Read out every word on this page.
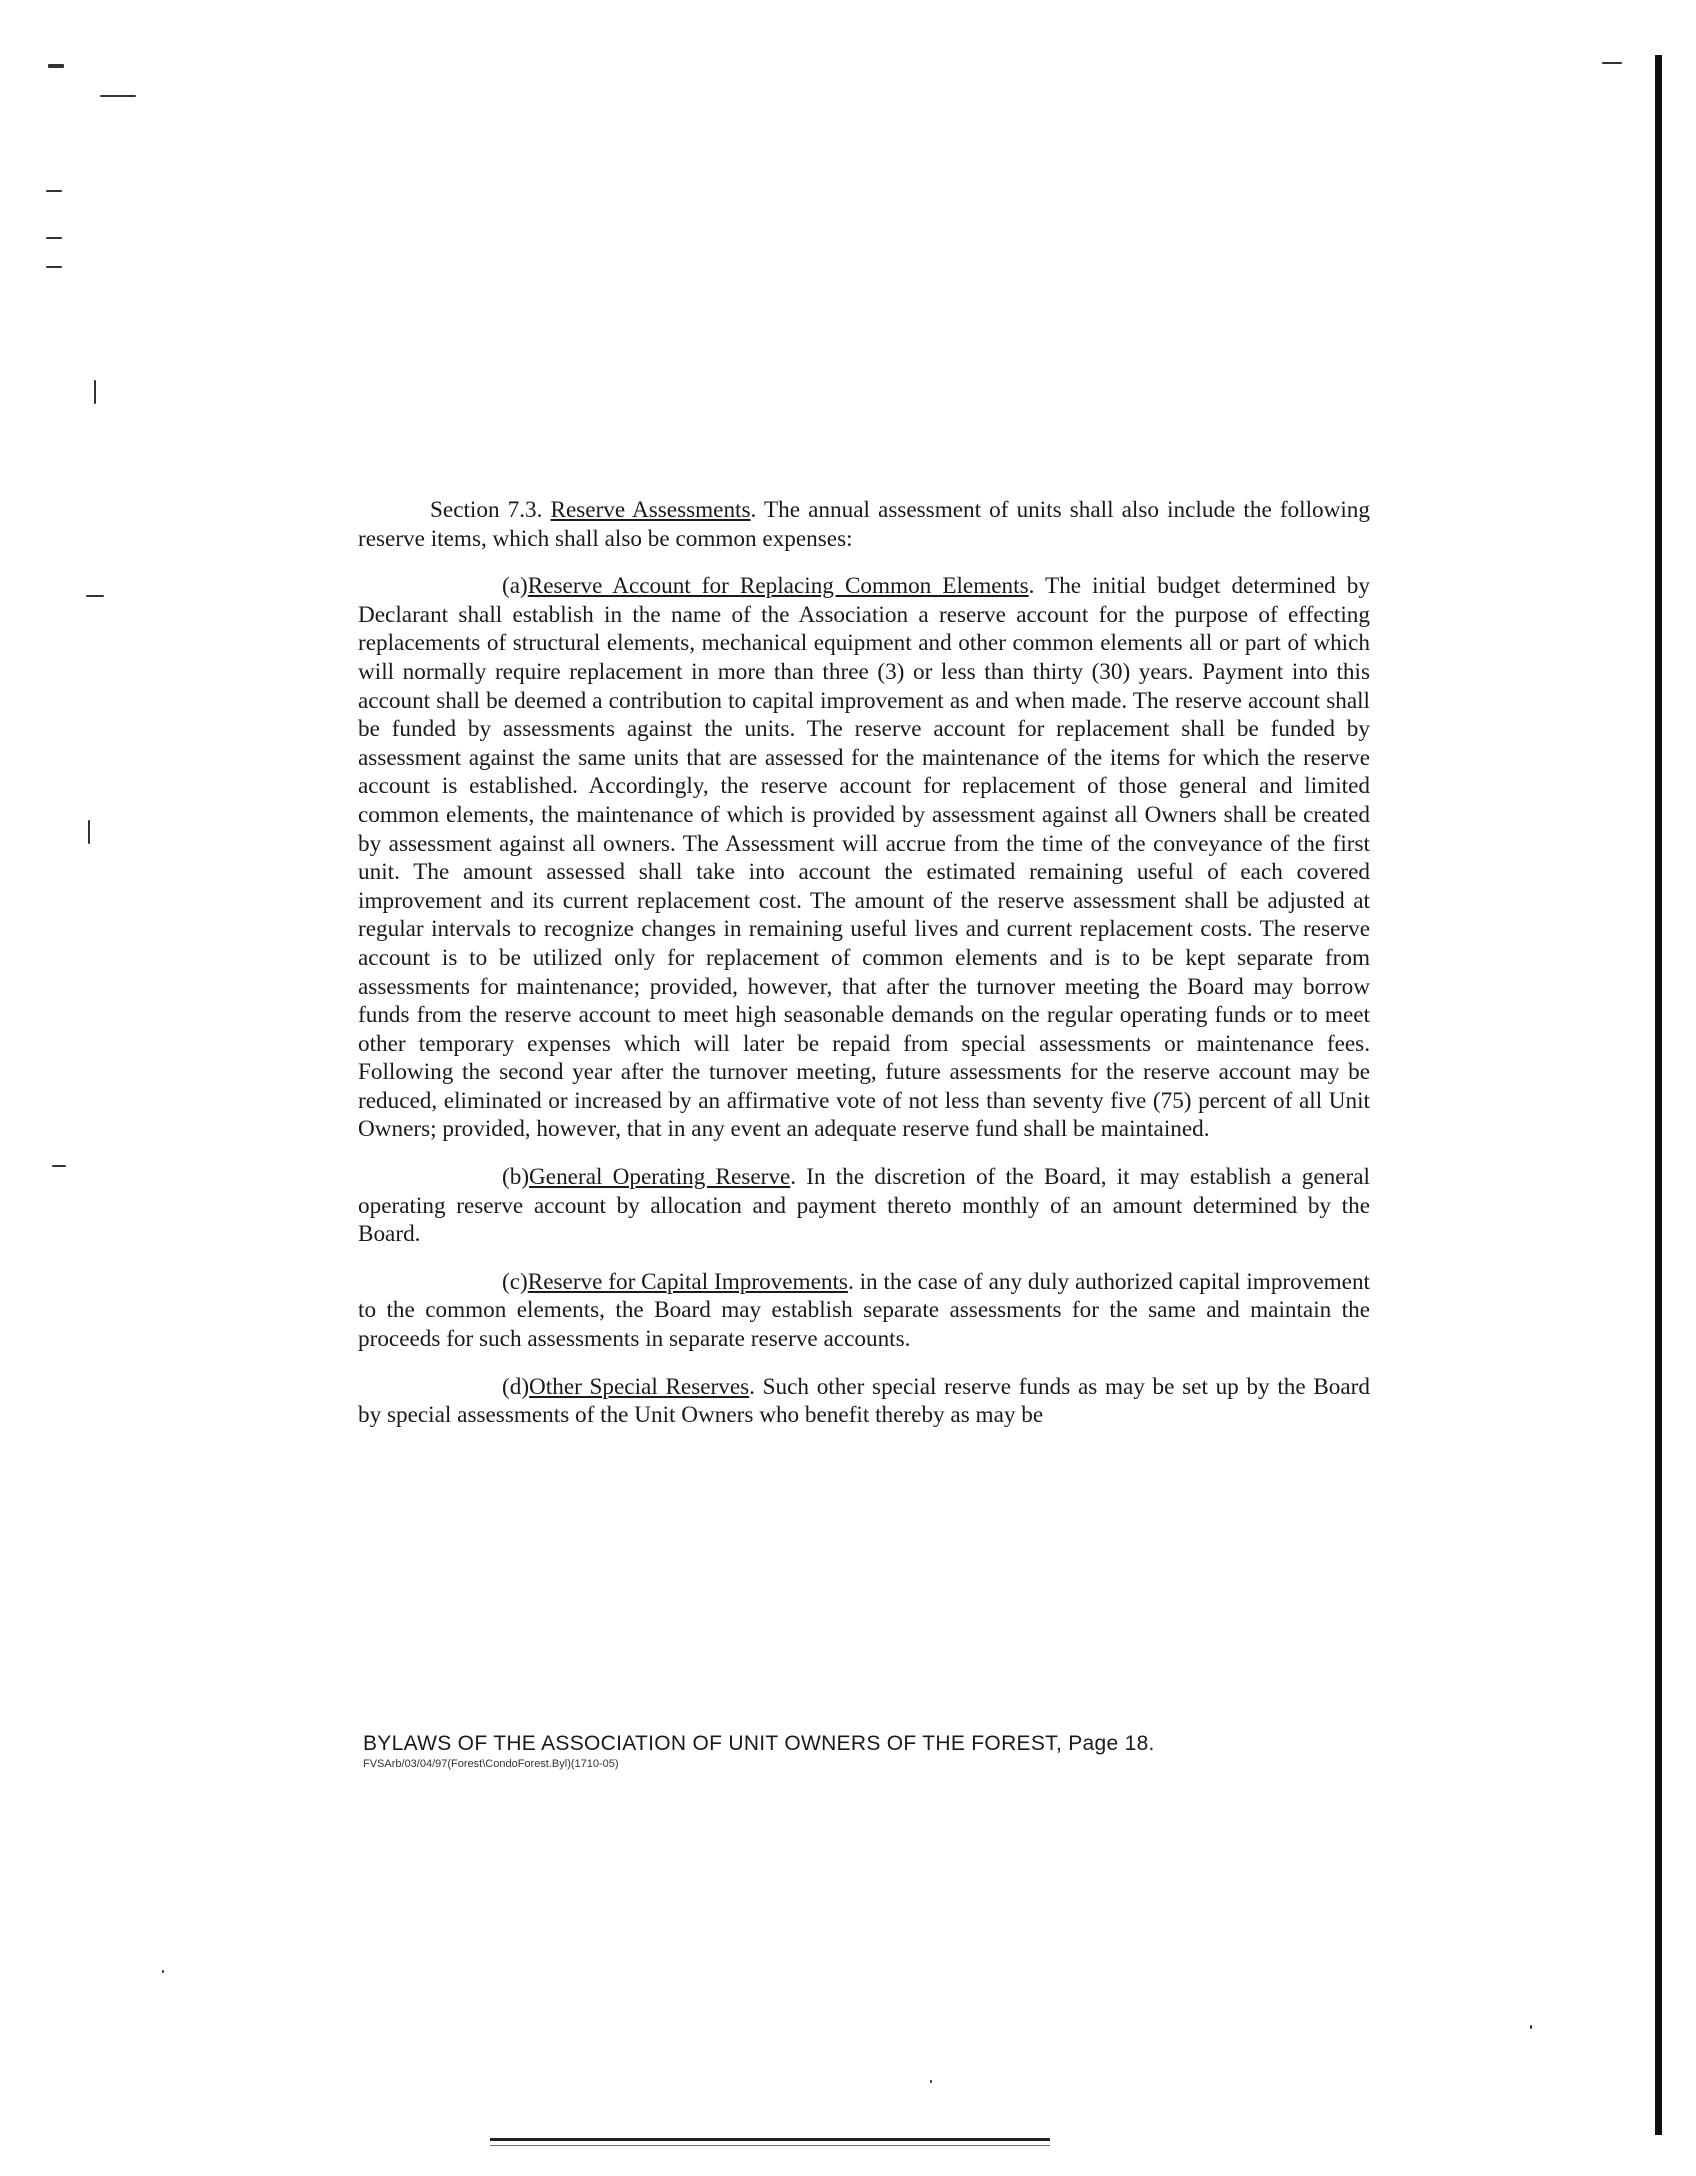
Section 7.3. Reserve Assessments. The annual assessment of units shall also include the following reserve items, which shall also be common expenses:

(a)Reserve Account for Replacing Common Elements. The initial budget determined by Declarant shall establish in the name of the Association a reserve account for the purpose of effecting replacements of structural elements, mechanical equipment and other common elements all or part of which will normally require replacement in more than three (3) or less than thirty (30) years. Payment into this account shall be deemed a contribution to capital improvement as and when made. The reserve account shall be funded by assessments against the units. The reserve account for replacement shall be funded by assessment against the same units that are assessed for the maintenance of the items for which the reserve account is established. Accordingly, the reserve account for replacement of those general and limited common elements, the maintenance of which is provided by assessment against all Owners shall be created by assessment against all owners. The Assessment will accrue from the time of the conveyance of the first unit. The amount assessed shall take into account the estimated remaining useful of each covered improvement and its current replacement cost. The amount of the reserve assessment shall be adjusted at regular intervals to recognize changes in remaining useful lives and current replacement costs. The reserve account is to be utilized only for replacement of common elements and is to be kept separate from assessments for maintenance; provided, however, that after the turnover meeting the Board may borrow funds from the reserve account to meet high seasonable demands on the regular operating funds or to meet other temporary expenses which will later be repaid from special assessments or maintenance fees. Following the second year after the turnover meeting, future assessments for the reserve account may be reduced, eliminated or increased by an affirmative vote of not less than seventy five (75) percent of all Unit Owners; provided, however, that in any event an adequate reserve fund shall be maintained.

(b)General Operating Reserve. In the discretion of the Board, it may establish a general operating reserve account by allocation and payment thereto monthly of an amount determined by the Board.

(c)Reserve for Capital Improvements. in the case of any duly authorized capital improvement to the common elements, the Board may establish separate assessments for the same and maintain the proceeds for such assessments in separate reserve accounts.

(d)Other Special Reserves. Such other special reserve funds as may be set up by the Board by special assessments of the Unit Owners who benefit thereby as may be

BYLAWS OF THE ASSOCIATION OF UNIT OWNERS OF THE FOREST, Page 18.

FVSArb/03/04/97(Forest\CondoForest.Byl)(1710-05)
